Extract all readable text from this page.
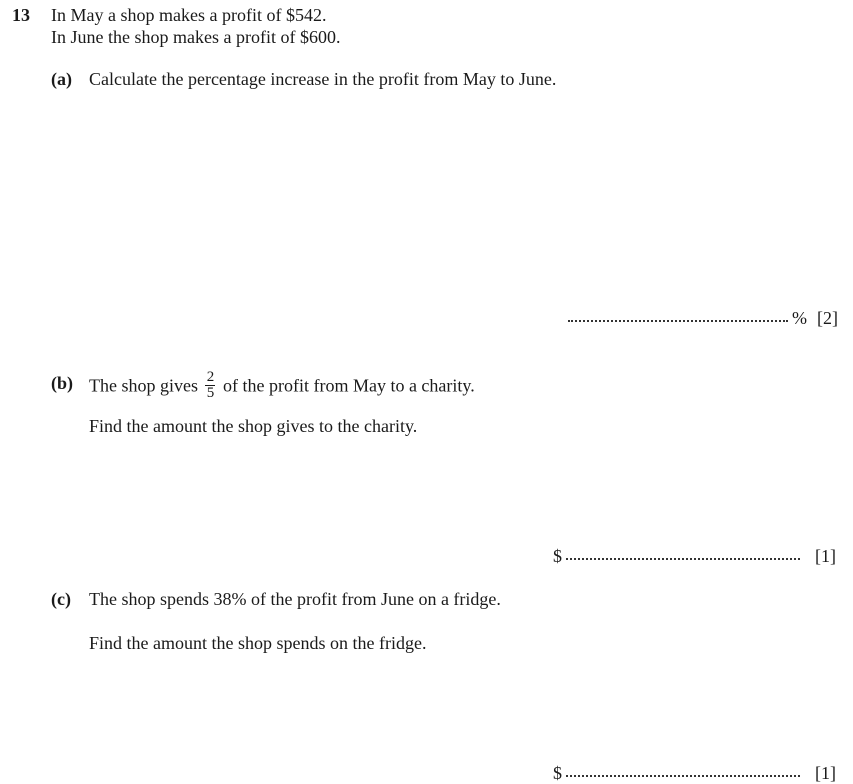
13 In May a shop makes a profit of $542.
In June the shop makes a profit of $600.
(a) Calculate the percentage increase in the profit from May to June.
% [2]
(b) The shop gives $\frac{2}{5}$ of the profit from May to a charity.
Find the amount the shop gives to the charity.
$	[1]
(c) The shop spends 38% of the profit from June on a fridge.
Find the amount the shop spends on the fridge.
$	[1]
